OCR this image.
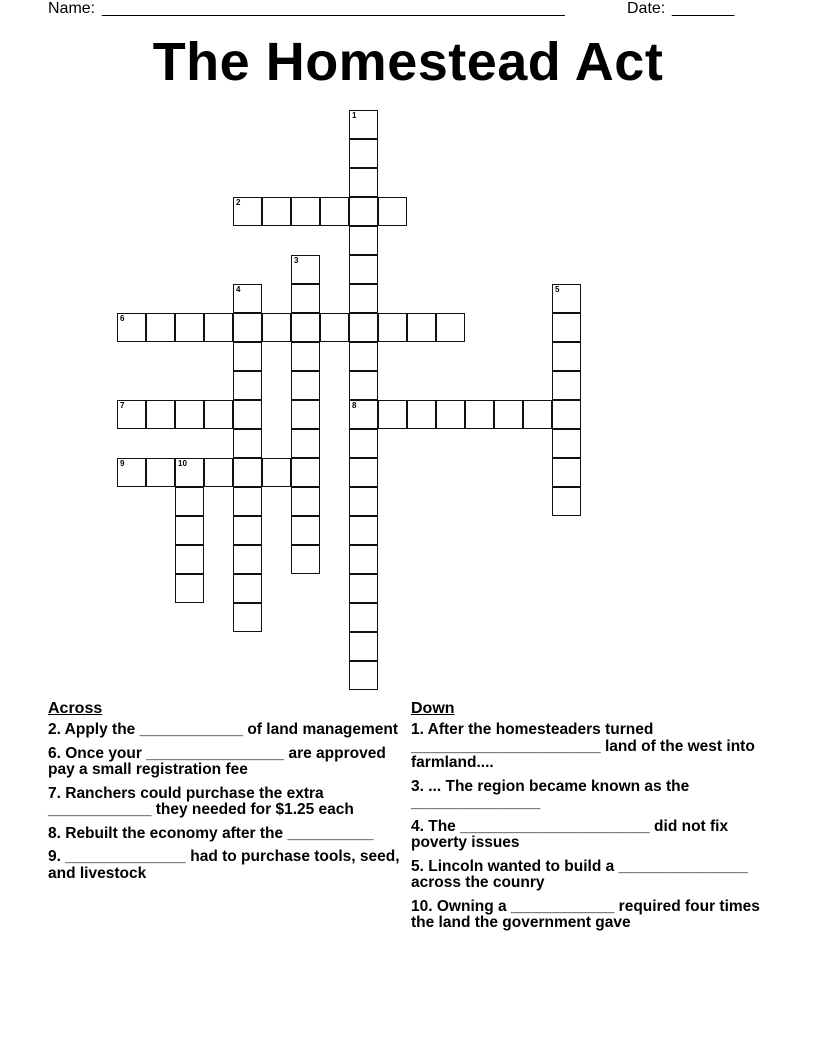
Name: ____________________________________________________	Date: _______
The Homestead Act
1
8
2
3
4	5
6
7
9	10
Across
2. Apply the ____________ of land management
6. Once your ________________ are approved pay a small registration fee
7. Ranchers could purchase the extra ____________ they needed for $1.25 each
8. Rebuilt the economy after the __________
9. ______________ had to purchase tools, seed, and livestock
Down
1. After the homesteaders turned ______________________ land of the west into farmland....
3. ... The region became known as the _______________
4. The ______________________ did not fix poverty issues
5. Lincoln wanted to build a _______________ across the counry
10. Owning a ____________ required four times the land the government gave
